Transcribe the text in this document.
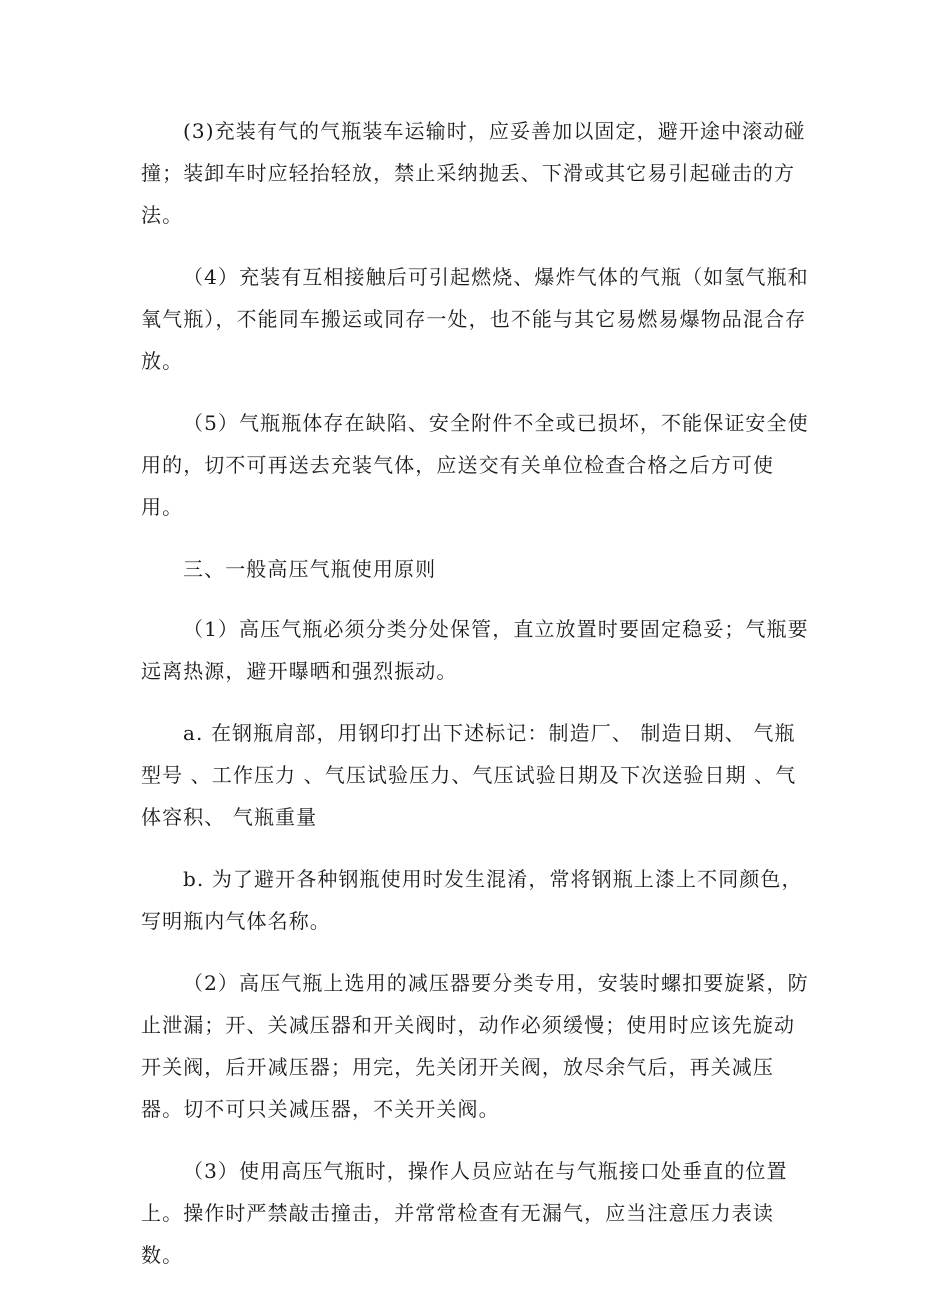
(3)充装有气的气瓶装车运输时，应妥善加以固定，避开途中滚动碰撞；装卸车时应轻抬轻放，禁止采纳抛丢、下滑或其它易引起碰击的方法。

（4）充装有互相接触后可引起燃烧、爆炸气体的气瓶（如氢气瓶和氧气瓶），不能同车搬运或同存一处，也不能与其它易燃易爆物品混合存放。

（5）气瓶瓶体存在缺陷、安全附件不全或已损坏，不能保证安全使用的，切不可再送去充装气体，应送交有关单位检查合格之后方可使用。

三、一般高压气瓶使用原则

（1）高压气瓶必须分类分处保管，直立放置时要固定稳妥；气瓶要远离热源，避开曝晒和强烈振动。

a. 在钢瓶肩部，用钢印打出下述标记：制造厂、 制造日期、 气瓶型号 、工作压力 、气压试验压力、气压试验日期及下次送验日期 、气体容积、 气瓶重量

b. 为了避开各种钢瓶使用时发生混淆，常将钢瓶上漆上不同颜色，写明瓶内气体名称。

（2）高压气瓶上选用的减压器要分类专用，安装时螺扣要旋紧，防止泄漏；开、关减压器和开关阀时，动作必须缓慢；使用时应该先旋动开关阀，后开减压器；用完，先关闭开关阀，放尽余气后，再关减压器。切不可只关减压器，不关开关阀。

（3）使用高压气瓶时，操作人员应站在与气瓶接口处垂直的位置上。操作时严禁敲击撞击，并常常检查有无漏气，应当注意压力表读数。
